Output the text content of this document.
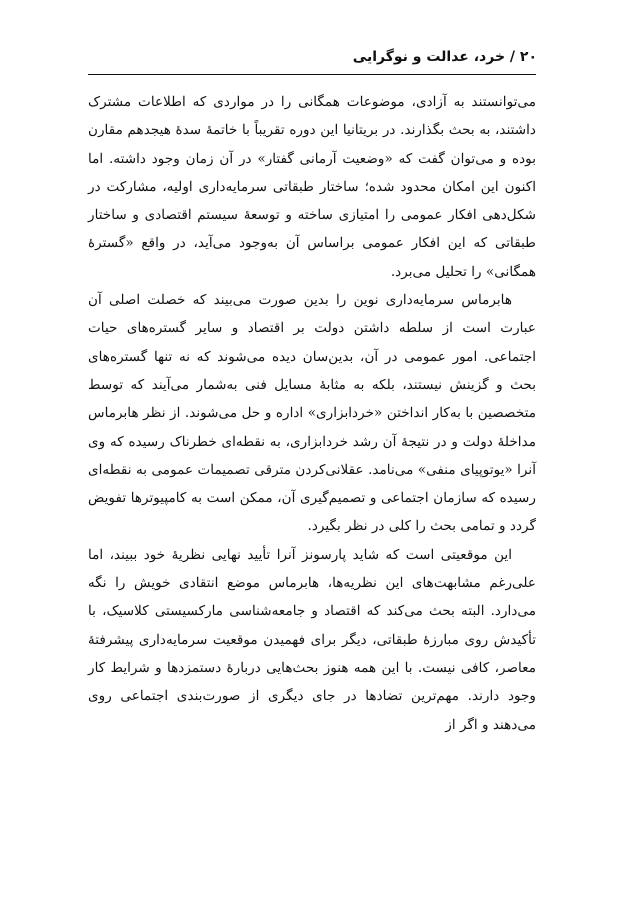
۲۰ / خرد، عدالت و نوگرایی

می‌توانستند به آزادی، موضوعات همگانی را در مواردی که اطلاعات مشترک داشتند، به بحث بگذارند. در بریتانیا این دوره تقریباً با خاتمهٔ سدهٔ هیجدهم مقارن بوده و می‌توان گفت که «وضعیت آرمانی گفتار» در آن زمان وجود داشته. اما اکنون این امکان محدود شده؛ ساختار طبقاتی سرمایه‌داری اولیه، مشارکت در شکل‌دهی افکار عمومی را امتیازی ساخته و توسعهٔ سیستم اقتصادی و ساختار طبقاتی که این افکار عمومی براساس آن به‌وجود می‌آید، در واقع «گسترهٔ همگانی» را تحلیل می‌برد.

هابرماس سرمایه‌داری نوین را بدین صورت می‌بیند که خصلت اصلی آن عبارت است از سلطه داشتن دولت بر اقتصاد و سایر گستره‌های حیات اجتماعی. امور عمومی در آن، بدین‌سان دیده می‌شوند که نه تنها گستره‌های بحث و گزینش نیستند، بلکه به مثابهٔ مسایل فنی به‌شمار می‌آیند که توسط متخصصین با به‌کار انداختن «خردابزاری» اداره و حل می‌شوند. از نظر هابرماس مداخلهٔ دولت و در نتیجهٔ آن رشد خردابزاری، به نقطه‌ای خطرناک رسیده که وی آنرا «یوتوپیای منفی» می‌نامد. عقلانی‌کردن مترقی تصمیمات عمومی به نقطه‌ای رسیده که سازمان اجتماعی و تصمیم‌گیری آن، ممکن است به کامپیوترها تفویض گردد و تمامی بحث را کلی در نظر بگیرد.

این موقعیتی است که شاید پارسونز آنرا تأیید نهایی نظریهٔ خود ببیند، اما علی‌رغم مشابهت‌های این نظریه‌ها، هابرماس موضع انتقادی خویش را نگه می‌دارد. البته بحث می‌کند که اقتصاد و جامعه‌شناسی مارکسیستی کلاسیک، با تأکیدش روی مبارزهٔ طبقاتی، دیگر برای فهمیدن موقعیت سرمایه‌داری پیشرفتهٔ معاصر، کافی نیست. با این همه هنوز بحث‌هایی دربارهٔ دستمزدها و شرایط کار وجود دارند. مهم‌ترین تضادها در جای دیگری از صورت‌بندی اجتماعی روی می‌دهند و اگر از
